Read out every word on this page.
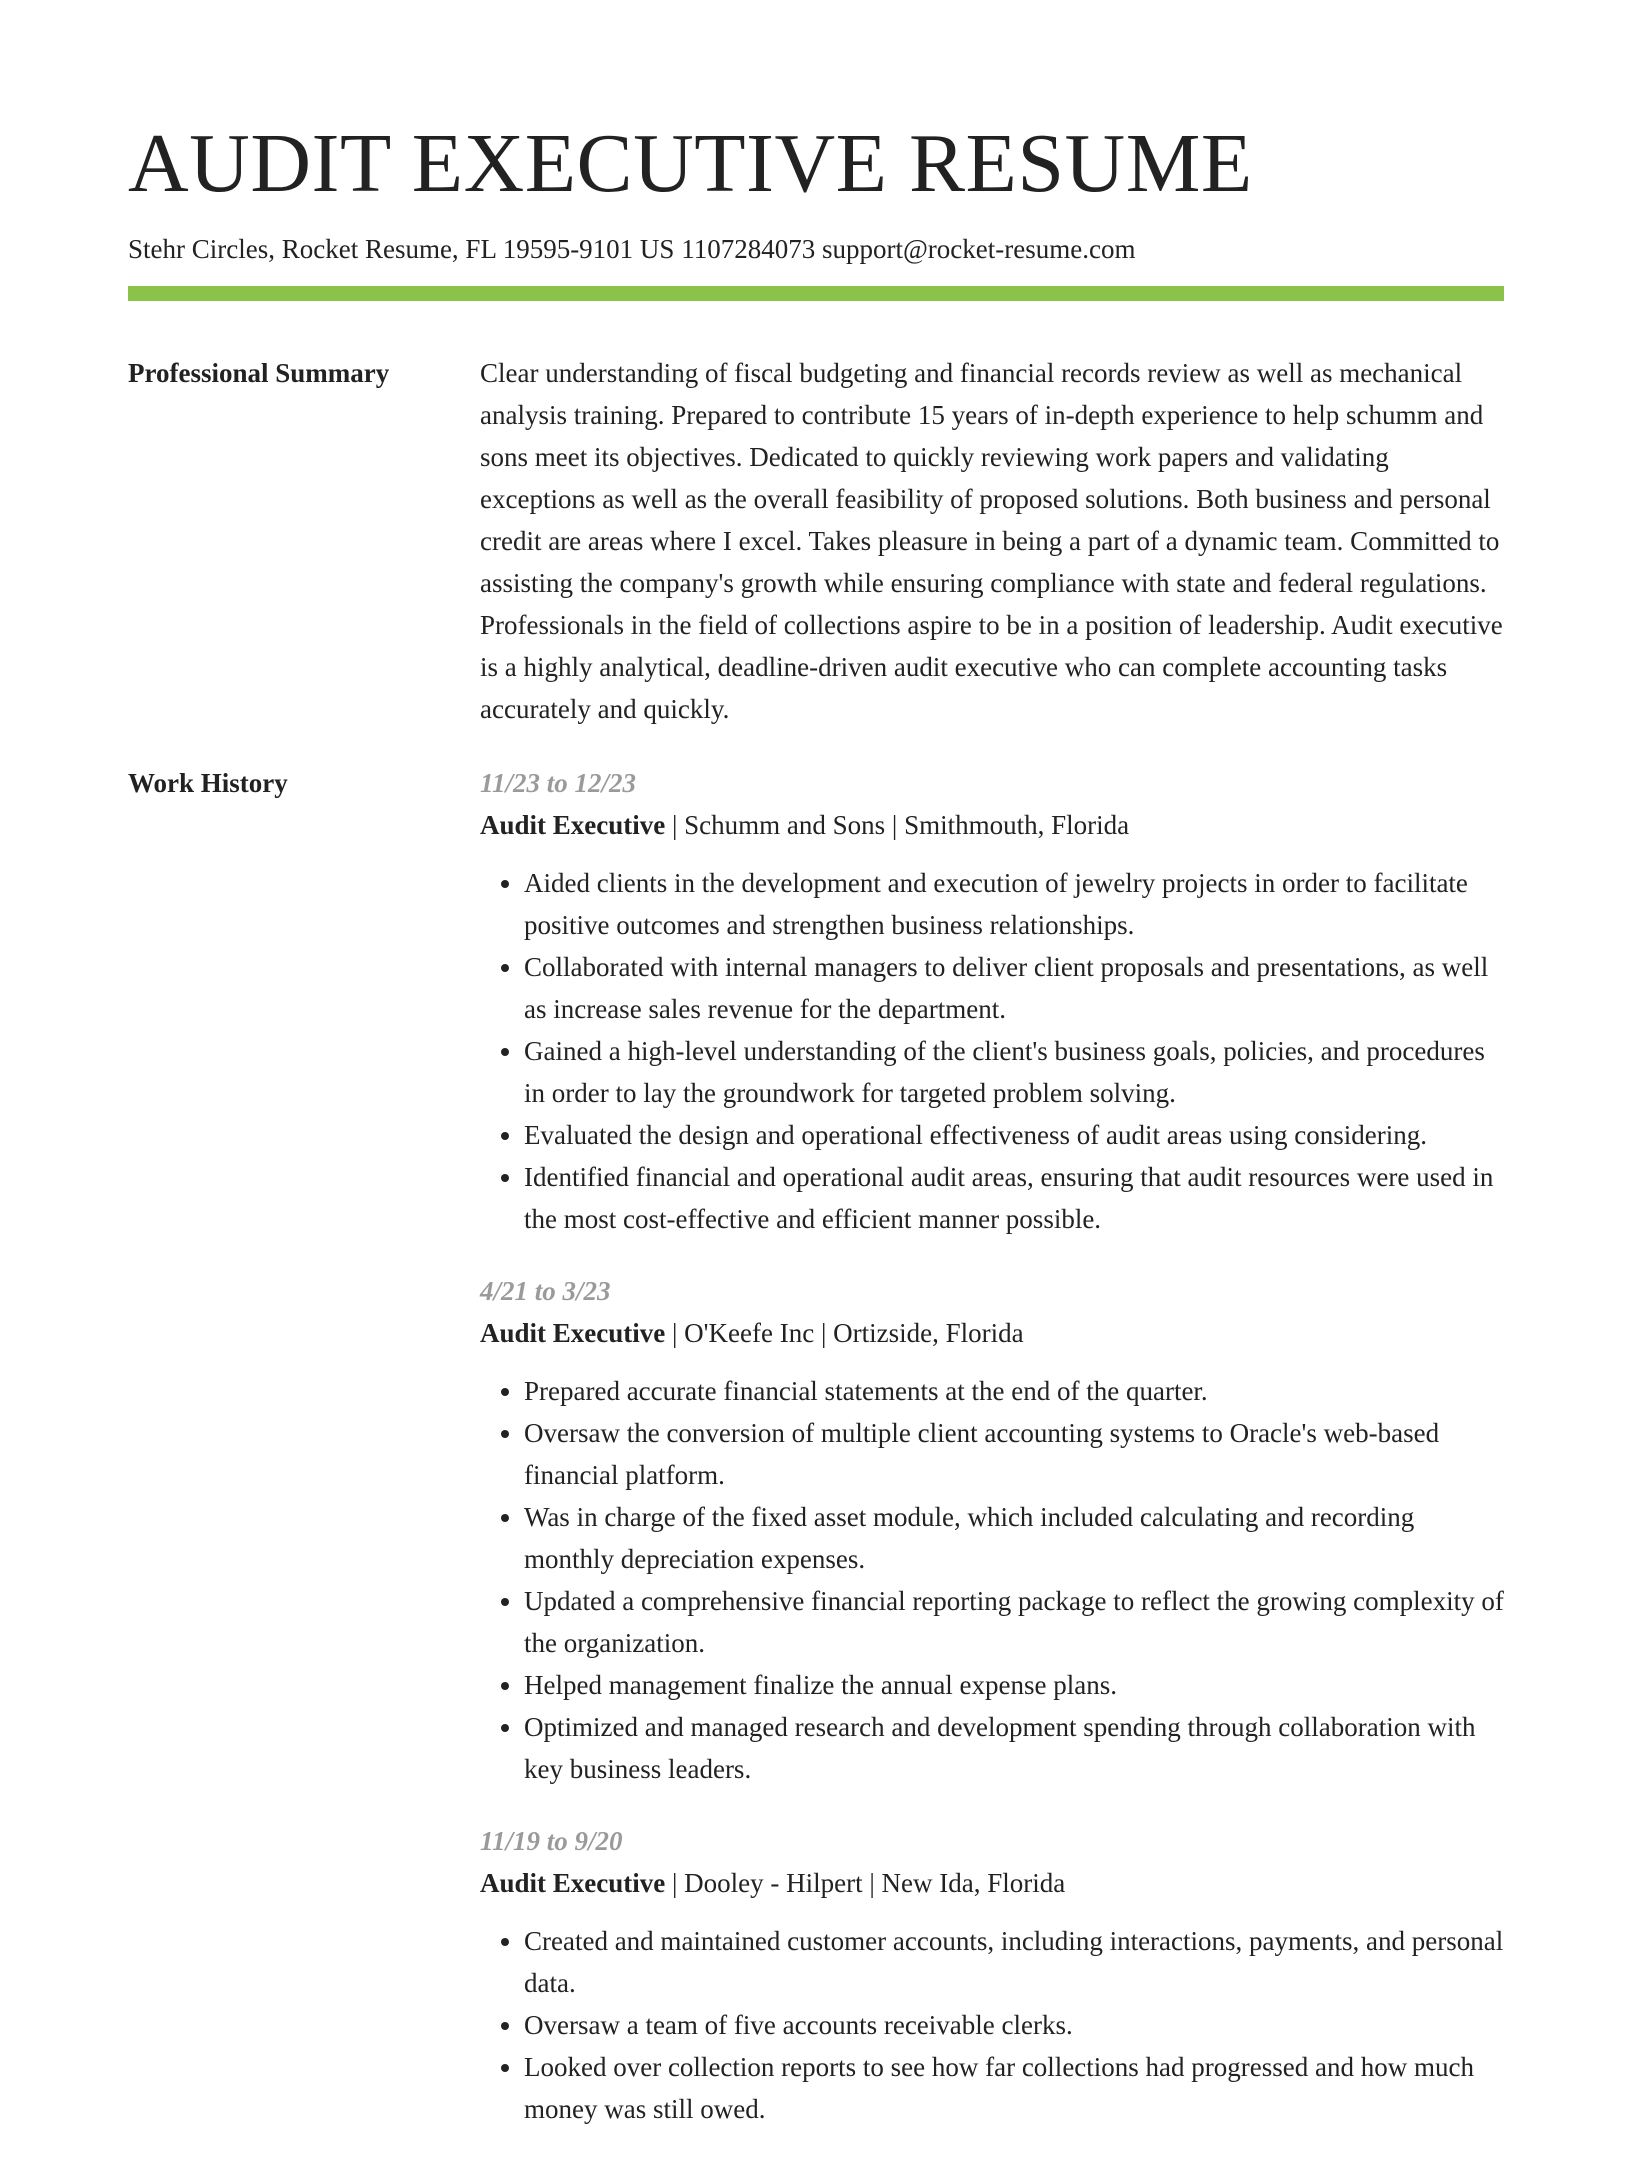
AUDIT EXECUTIVE RESUME
Stehr Circles, Rocket Resume, FL 19595-9101 US 1107284073 support@rocket-resume.com
Professional Summary	Clear understanding of fiscal budgeting and financial records review as well as mechanical analysis training. Prepared to contribute 15 years of in-depth experience to help schumm and sons meet its objectives. Dedicated to quickly reviewing work papers and validating exceptions as well as the overall feasibility of proposed solutions. Both business and personal credit are areas where I excel. Takes pleasure in being a part of a dynamic team. Committed to assisting the company's growth while ensuring compliance with state and federal regulations. Professionals in the field of collections aspire to be in a position of leadership. Audit executive is a highly analytical, deadline-driven audit executive who can complete accounting tasks accurately and quickly.

Work History	11/23 to 12/23
Audit Executive | Schumm and Sons | Smithmouth, Florida
• Aided clients in the development and execution of jewelry projects in order to facilitate positive outcomes and strengthen business relationships.
• Collaborated with internal managers to deliver client proposals and presentations, as well as increase sales revenue for the department.
• Gained a high-level understanding of the client's business goals, policies, and procedures in order to lay the groundwork for targeted problem solving.
• Evaluated the design and operational effectiveness of audit areas using considering.
• Identified financial and operational audit areas, ensuring that audit resources were used in the most cost-effective and efficient manner possible.
4/21 to 3/23
Audit Executive | O'Keefe Inc | Ortizside, Florida
• Prepared accurate financial statements at the end of the quarter.
• Oversaw the conversion of multiple client accounting systems to Oracle's web-based financial platform.
• Was in charge of the fixed asset module, which included calculating and recording monthly depreciation expenses.
• Updated a comprehensive financial reporting package to reflect the growing complexity of the organization.
• Helped management finalize the annual expense plans.
• Optimized and managed research and development spending through collaboration with key business leaders.
11/19 to 9/20
Audit Executive | Dooley - Hilpert | New Ida, Florida
• Created and maintained customer accounts, including interactions, payments, and personal data.
• Oversaw a team of five accounts receivable clerks.
• Looked over collection reports to see how far collections had progressed and how much money was still owed.
